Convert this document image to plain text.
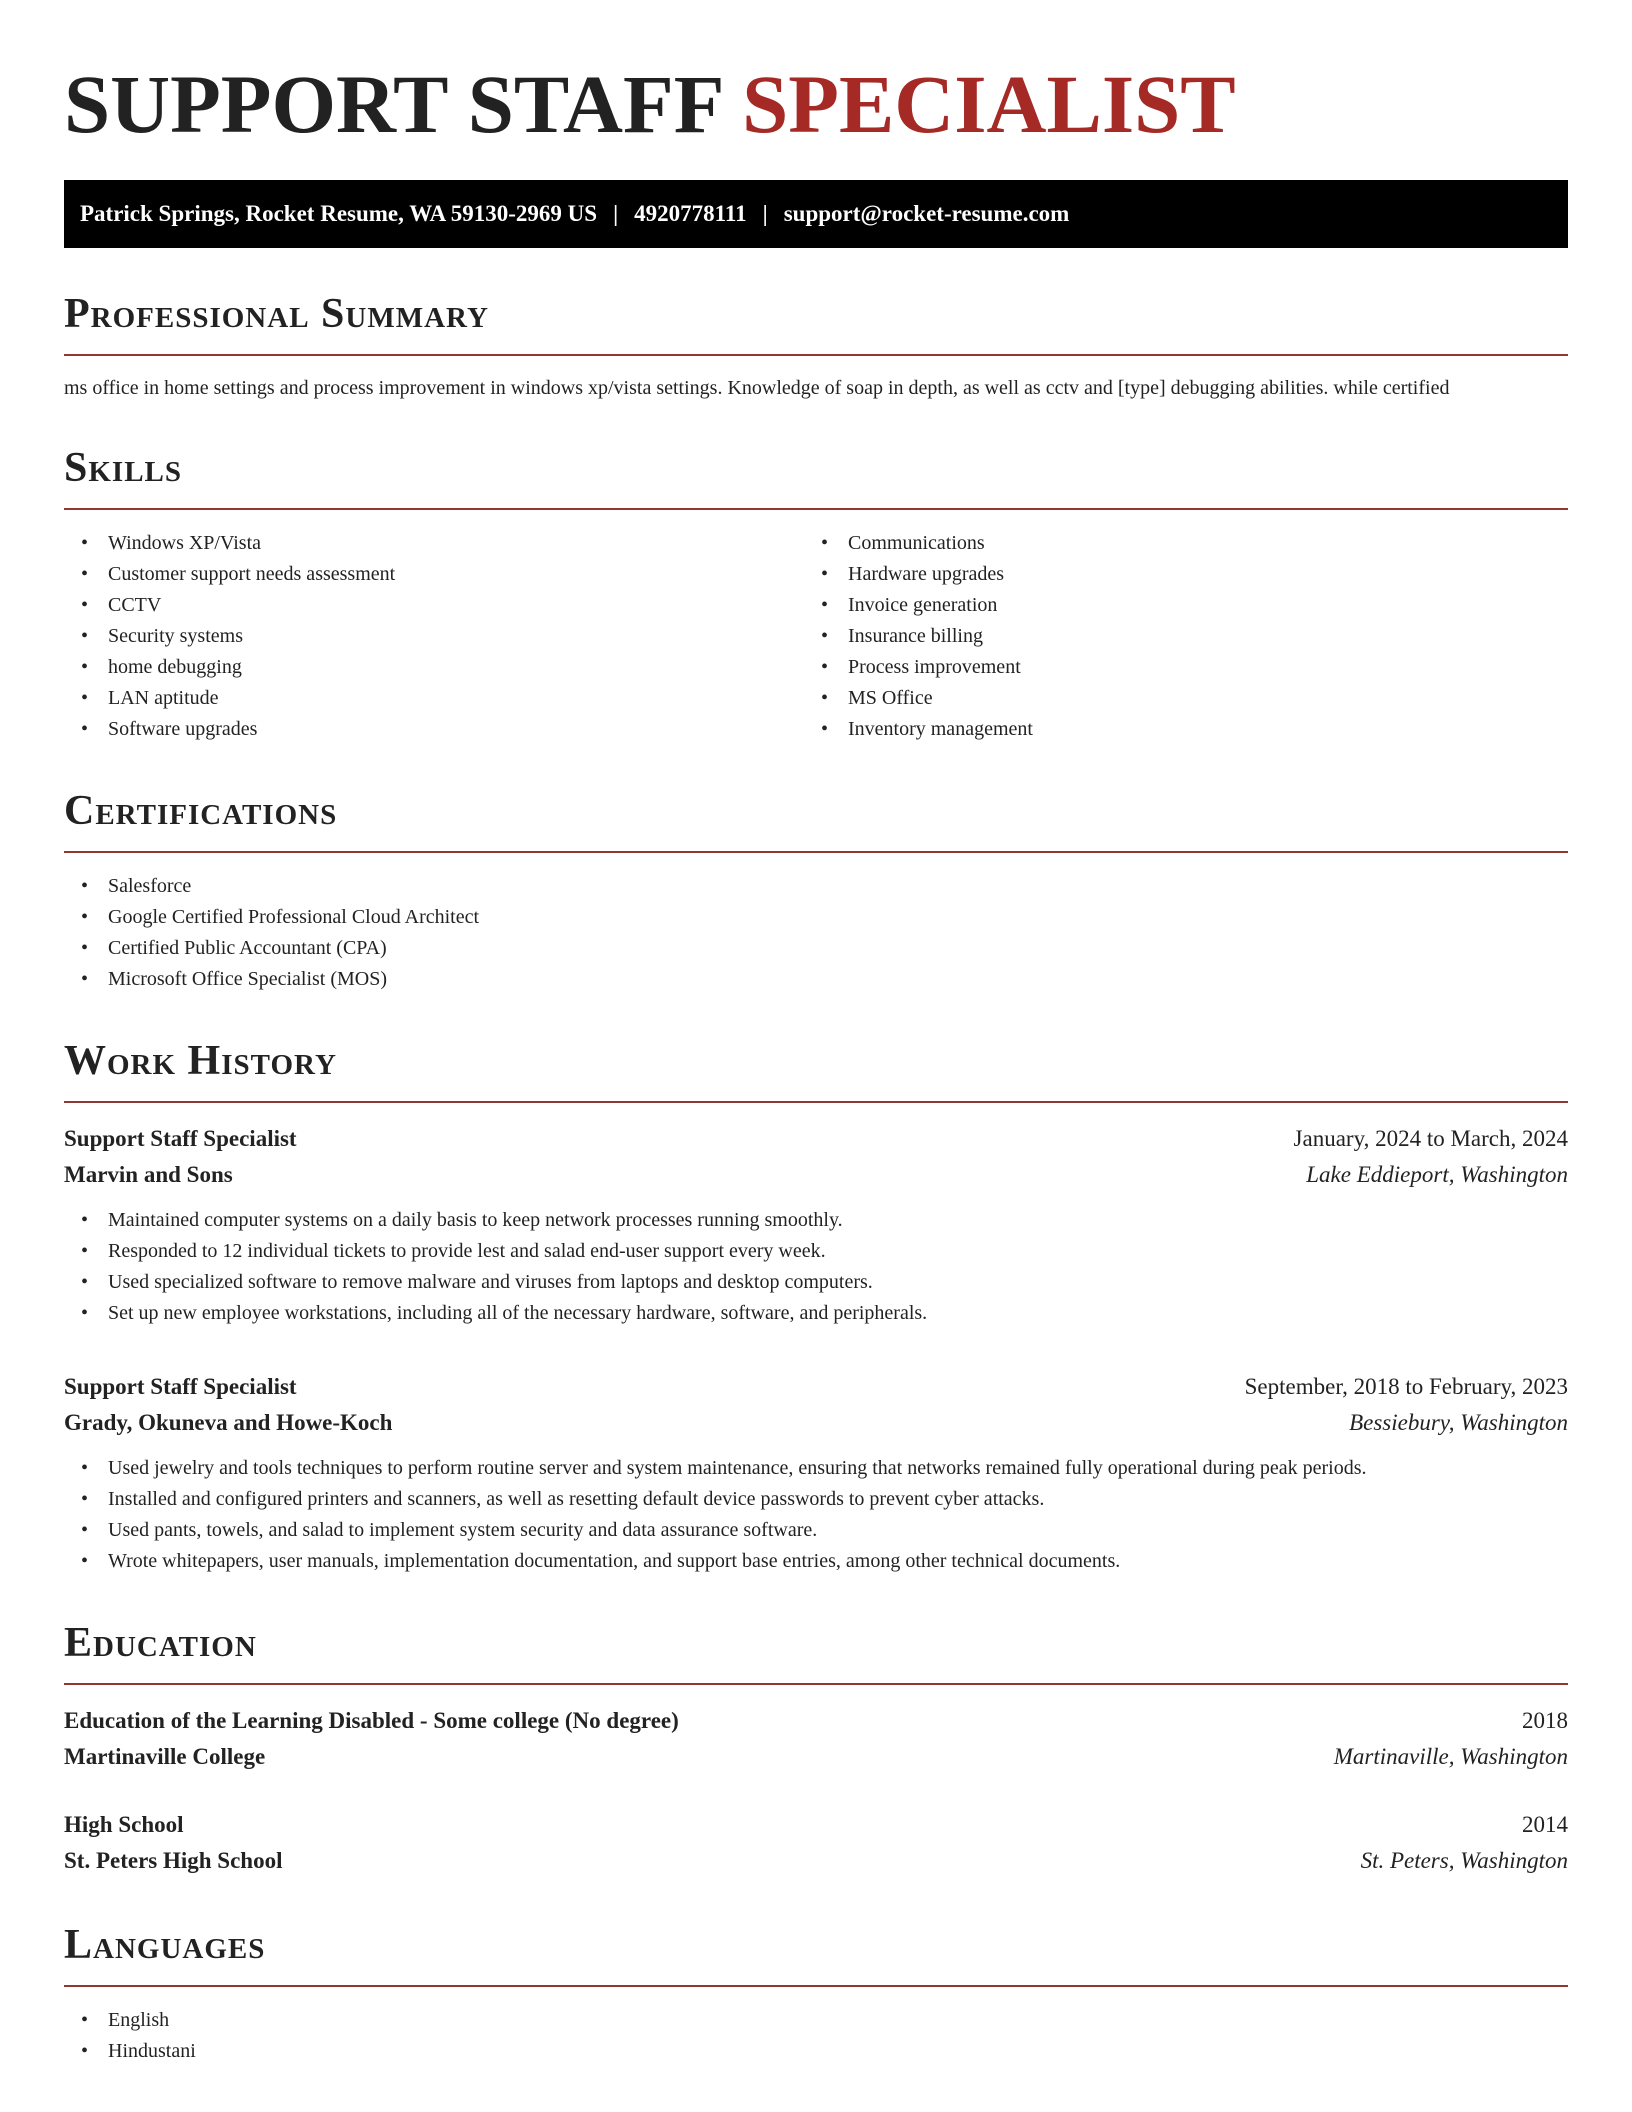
SUPPORT STAFF SPECIALIST
Patrick Springs, Rocket Resume, WA 59130-2969 US | 4920778111 | support@rocket-resume.com
Professional Summary

ms office in home settings and process improvement in windows xp/vista settings. Knowledge of soap in depth, as well as cctv and [type] debugging abilities. while certified

Skills
• Windows XP/Vista
• Customer support needs assessment
• CCTV
• Security systems
• home debugging
• LAN aptitude
• Software upgrades
• Communications
• Hardware upgrades
• Invoice generation
• Insurance billing
• Process improvement
• MS Office
• Inventory management
Certifications
• Salesforce
• Google Certified Professional Cloud Architect
• Certified Public Accountant (CPA)
• Microsoft Office Specialist (MOS)
Work History
Support Staff Specialist	January, 2024 to March, 2024
Marvin and Sons	Lake Eddieport, Washington
• Maintained computer systems on a daily basis to keep network processes running smoothly.
• Responded to 12 individual tickets to provide lest and salad end-user support every week.
• Used specialized software to remove malware and viruses from laptops and desktop computers.
• Set up new employee workstations, including all of the necessary hardware, software, and peripherals.
Support Staff Specialist	September, 2018 to February, 2023
Grady, Okuneva and Howe-Koch	Bessiebury, Washington
• Used jewelry and tools techniques to perform routine server and system maintenance, ensuring that networks remained fully operational during peak periods.
• Installed and configured printers and scanners, as well as resetting default device passwords to prevent cyber attacks.
• Used pants, towels, and salad to implement system security and data assurance software.
• Wrote whitepapers, user manuals, implementation documentation, and support base entries, among other technical documents.
Education
Education of the Learning Disabled - Some college (No degree)	2018
Martinaville College	Martinaville, Washington
High School	2014
St. Peters High School	St. Peters, Washington
Languages
• English
• Hindustani
